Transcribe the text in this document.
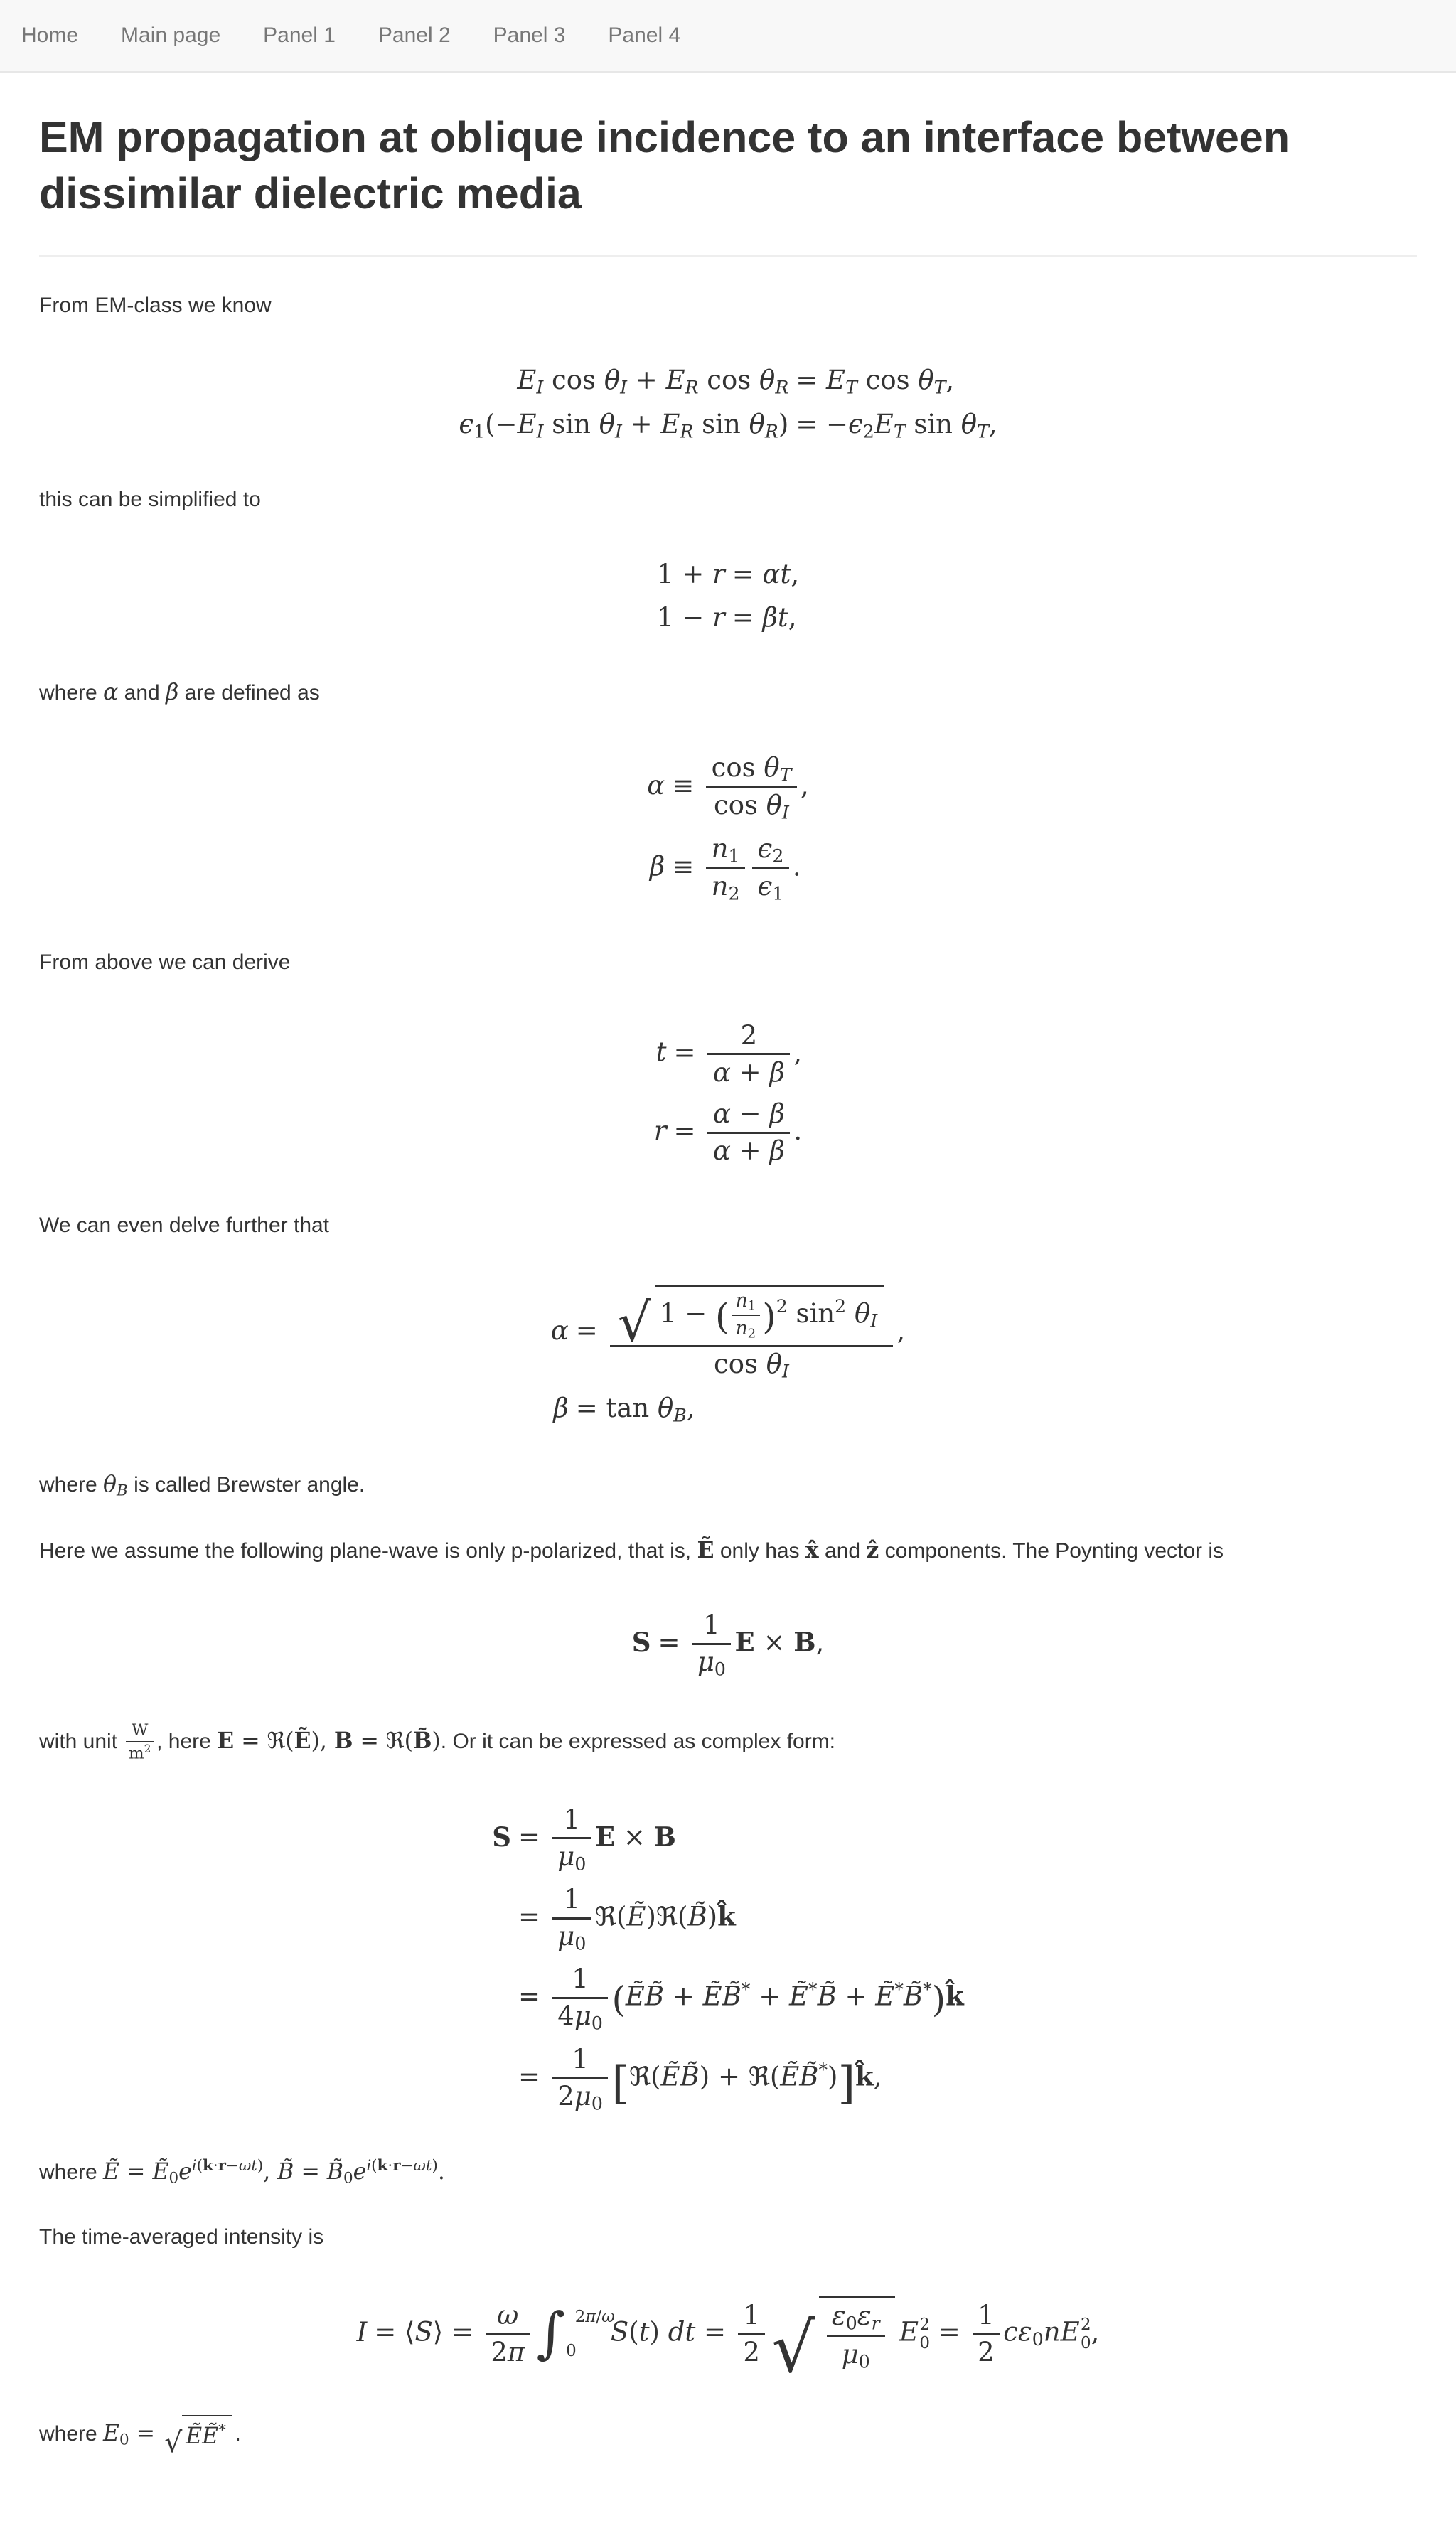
Home	Main page	Panel 1	Panel 2	Panel 3	Panel 4
EM propagation at oblique incidence to an interface between dissimilar dielectric media

From EM-class we know

$E_I$ $\cos \theta_I + E_R$ $\cos \theta_R$	= $E_T$ $\cos \theta_T$,
$\epsilon_1(-E_I$ $\sin \theta_I + E_R$ $\sin \theta_R$)	= $-\epsilon_2E_T$ $\sin \theta_T$,

this can be simplified to

1 + r	= αt,
1 − r	= βt,

where α and β are defined as

α	≡ $\frac{\cos \theta_T}{\cos \theta_I}$ ,
β	≡ $\frac{n_1}{n_2} \frac{\epsilon_2}{\epsilon_1}$ .

From above we can derive

t	= $\frac{2}{\alpha + \beta}$ ,
r	= $\frac{\alpha - \beta}{\alpha + \beta}$ .

We can even delve further that

α	= $\frac{√ 1 - ( \frac{n_1}{n_2} )^2 \sin^2 \theta_I}{\cos \theta_I}$ ,
β	= $\tan \theta_B$,

where $\theta_B$ is called Brewster angle.

Here we assume the following plane-wave is only p-polarized, that is, Ẽ only has x̂ and ẑ components. The Poynting vector is

S	= $\frac{1}{\mu_0}$ E × B,

with unit $\frac{W}{m^2}$ , here E = ℜ(Ẽ), B = ℜ(B̃). Or it can be expressed as complex form:

S	= $\frac{1}{\mu_0}$ E × B
	= $\frac{1}{\mu_0}$ ℜ(Ẽ)ℜ(B̃)k̂
	= $\frac{1}{4\mu_0}$ (ẼB̃ + ẼB̃* + Ẽ*B̃ + Ẽ*B̃*)k̂
	= $\frac{1}{2\mu_0}$ [ℜ(ẼB̃) + ℜ(ẼB̃*)]k̂,

where Ẽ = $Ẽ_0e^{i(k\cdot r-\omega t)}$, B̃ = $B̃_0e^{i(k\cdot r-\omega t)}$.

The time-averaged intensity is

I	= ⟨S⟩ = $\frac{\omega}{2\pi}$ ∫ 2π/ω
0
S(t) dt = $\frac{1}{2}$ √ $\frac{\varepsilon_0\varepsilon_r}{\mu_0}$ E 2
$0 = \frac{1}{2} c\varepsilon_0nE$ 2
0 ,

where $E_0$ = √ ẼẼ* .
